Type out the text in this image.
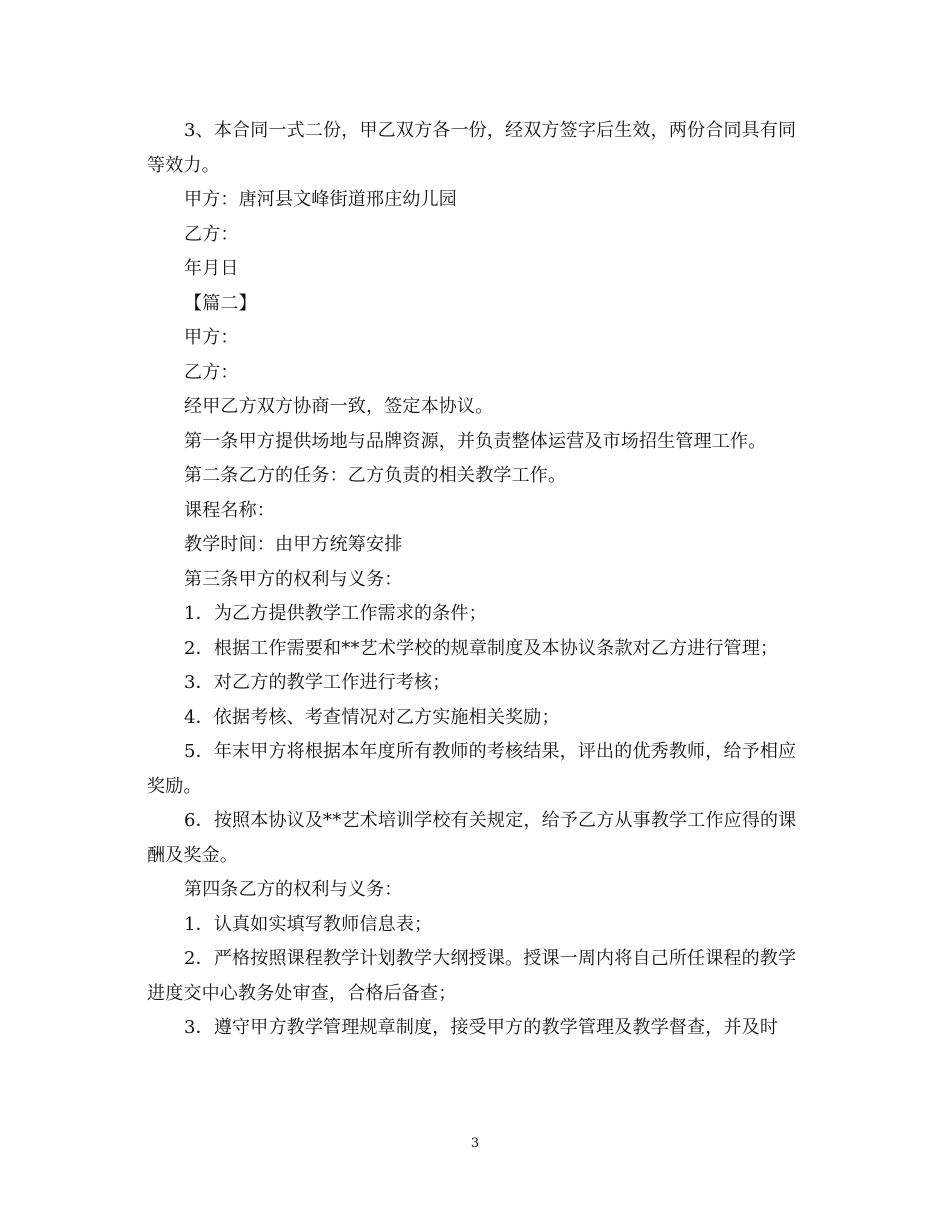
3、本合同一式二份，甲乙双方各一份，经双方签字后生效，两份合同具有同等效力。

甲方：唐河县文峰街道邢庄幼儿园

乙方：

年月日

【篇二】

甲方：

乙方：

经甲乙方双方协商一致，签定本协议。

第一条甲方提供场地与品牌资源，并负责整体运营及市场招生管理工作。

第二条乙方的任务：乙方负责的相关教学工作。

课程名称：

教学时间：由甲方统筹安排

第三条甲方的权利与义务：

1．为乙方提供教学工作需求的条件；

2．根据工作需要和**艺术学校的规章制度及本协议条款对乙方进行管理；

3．对乙方的教学工作进行考核；

4．依据考核、考查情况对乙方实施相关奖励；

5．年末甲方将根据本年度所有教师的考核结果，评出的优秀教师，给予相应奖励。

6．按照本协议及**艺术培训学校有关规定，给予乙方从事教学工作应得的课酬及奖金。

第四条乙方的权利与义务：

1．认真如实填写教师信息表；

2．严格按照课程教学计划教学大纲授课。授课一周内将自己所任课程的教学进度交中心教务处审查，合格后备查；

3．遵守甲方教学管理规章制度，接受甲方的教学管理及教学督查，并及时

3
